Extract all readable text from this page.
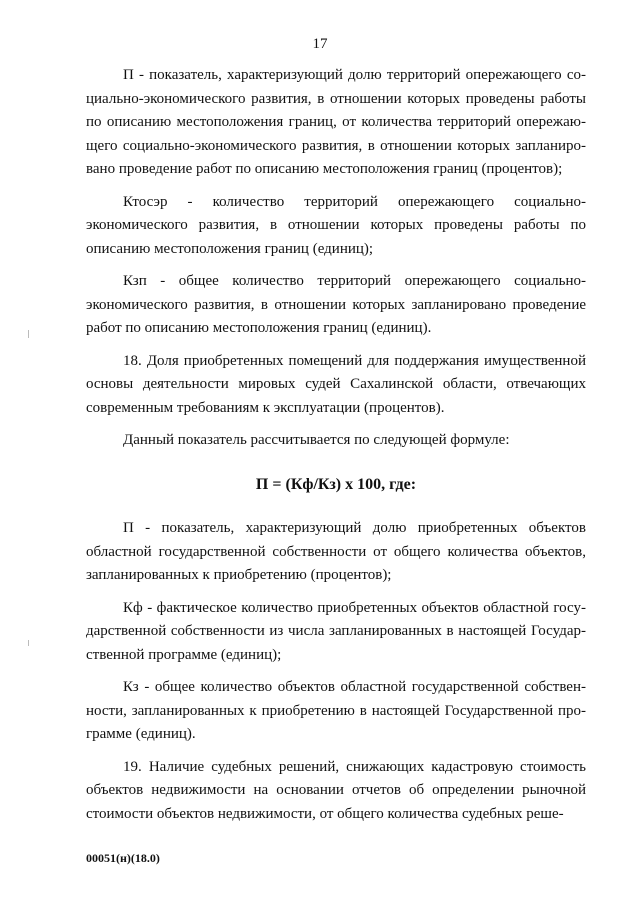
17

П - показатель, характеризующий долю территорий опережающего социально-экономического развития, в отношении которых проведены работы по описанию местоположения границ, от количества территорий опережающего социально-экономического развития, в отношении которых запланировано проведение работ по описанию местоположения границ (процентов);

Ктосэр - количество территорий опережающего социально-экономического развития, в отношении которых проведены работы по описанию местоположения границ (единиц);

Кзп - общее количество территорий опережающего социально-экономического развития, в отношении которых запланировано проведение работ по описанию местоположения границ (единиц).

18. Доля приобретенных помещений для поддержания имущественной основы деятельности мировых судей Сахалинской области, отвечающих современным требованиям к эксплуатации (процентов).

Данный показатель рассчитывается по следующей формуле:

П = (Кф/Кз) х 100, где:

П - показатель, характеризующий долю приобретенных объектов областной государственной собственности от общего количества объектов, запланированных к приобретению (процентов);

Кф - фактическое количество приобретенных объектов областной государственной собственности из числа запланированных в настоящей Государственной программе (единиц);

Кз - общее количество объектов областной государственной собственности, запланированных к приобретению в настоящей Государственной программе (единиц).

19. Наличие судебных решений, снижающих кадастровую стоимость объектов недвижимости на основании отчетов об определении рыночной стоимости объектов недвижимости, от общего количества судебных реше-

00051(н)(18.0)
